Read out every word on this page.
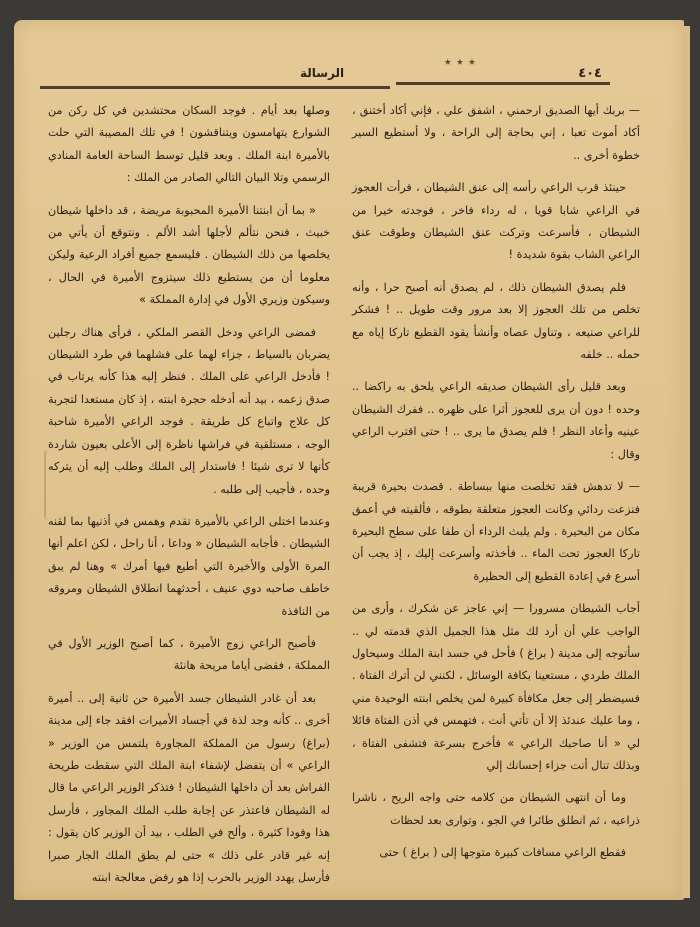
٭ ٭ ٭
٤٠٤
الرسالة

— بربك أيها الصديق ارحمني ، اشفق علي ، فإني أكاد أختنق ، أكاد أموت تعبا ، إني بحاجة إلى الراحة ، ولا أستطيع السير خطوة أخرى ..

حينئذ قرب الراعي رأسه إلى عنق الشيطان ، فرأت العجوز في الراعي شابا قويا ، له رداء فاخر ، فوجدته خيرا من الشيطان ، فأسرعت وتركت عنق الشيطان وطوقت عنق الراعي الشاب بقوة شديدة !

فلم يصدق الشيطان ذلك ، لم يصدق أنه أصبح حرا ، وأنه تخلص من تلك العجوز إلا بعد مرور وقت طويل .. ! فشكر للراعي صنيعه ، وتناول عصاه وأنشأ يقود القطيع تاركا إياه مع حمله .. خلفه

وبعد قليل رأى الشيطان صديقه الراعي يلحق به راكضا .. وحده ! دون أن يرى للعجوز أثرا على ظهره .. ففرك الشيطان عينيه وأعاد النظر ! فلم يصدق ما يرى .. ! حتى اقترب الراعي وقال :

— لا تدهش فقد تخلصت منها ببساطة . قصدت بحيرة قريبة فنزعت ردائي وكانت العجوز متعلقة بطوقه ، فألقيته في أعمق مكان من البحيرة . ولم يلبث الرداء أن طفا على سطح البحيرة تاركا العجوز تحت الماء .. فأخذته وأسرعت إليك ، إذ يجب أن أسرع في إعادة القطيع إلى الحظيرة

أجاب الشيطان مسرورا — إني عاجز عن شكرك ، وأرى من الواجب علي أن أرد لك مثل هذا الجميل الذي قدمته لي .. سأتوجه إلى مدينة ( براغ ) فأحل في جسد ابنة الملك وسيحاول الملك طردي ، مستعينا بكافة الوسائل ، لكنني لن أترك الفتاة . فسيضطر إلى جعل مكافأة كبيرة لمن يخلص ابنته الوحيدة مني ، وما عليك عندئذ إلا أن تأتي أنت ، فتهمس في أذن الفتاة قائلا لي « أنا صاحبك الراعي » فأخرج بسرعة فتشفى الفتاة ، وبذلك تنال أنت جزاء إحسانك إلي

وما أن انتهى الشيطان من كلامه حتى واجه الريح ، ناشرا ذراعيه ، ثم انطلق طائرا في الجو ، وتوارى بعد لحظات

فقطع الراعي مسافات كبيرة متوجها إلى ( براغ ) حتى

وصلها بعد أيام . فوجد السكان محتشدين في كل ركن من الشوارع يتهامسون ويتناقشون ! في تلك المصيبة التي حلت بالأميرة ابنة الملك . وبعد قليل توسط الساحة العامة المنادي الرسمي وتلا البيان التالي الصادر من الملك :

« بما أن ابنتنا الأميرة المحبوبة مريضة ، قد داخلها شيطان خبيث ، فنحن نتألم لأجلها أشد الألم . ونتوقع أن يأتي من يخلصها من ذلك الشيطان . فليسمع جميع أفراد الرعية وليكن معلوما أن من يستطيع ذلك سيتزوج الأميرة في الحال ، وسيكون وزيري الأول في إدارة المملكة »

فمضى الراعي ودخل القصر الملكي ، فرأى هناك رجلين يضربان بالسياط ، جزاء لهما على فشلهما في طرد الشيطان ! فأدخل الراعي على الملك . فنظر إليه هذا كأنه يرتاب في صدق زعمه ، بيد أنه أدخله حجرة ابنته ، إذ كان مستعدا لتجربة كل علاج واتباع كل طريقة . فوجد الراعي الأميرة شاحبة الوجه ، مستلقية في فراشها ناظرة إلى الأعلى بعيون شاردة كأنها لا ترى شيئا ! فاستدار إلى الملك وطلب إليه أن يتركه وحده ، فأجيب إلى طلبه .

وعندما اختلى الراعي بالأميرة تقدم وهمس في أذنيها بما لقنه الشيطان . فأجابه الشيطان « وداعا ، أنا راحل ، لكن اعلم أنها المرة الأولى والأخيرة التي أطيع فيها أمرك » وهنا لم يبق خاطف صاحبه دوي عنيف ، أحدثهما انطلاق الشيطان ومروقه من النافذة

فأصبح الراعي زوج الأميرة ، كما أصبح الوزير الأول في المملكة ، فقضى أياما مريحة هانئة

بعد أن غادر الشيطان جسد الأميرة حن ثانية إلى .. أميرة أخرى .. كأنه وجد لذة في أجساد الأميرات افقد جاء إلى مدينة (براغ) رسول من المملكة المجاورة يلتمس من الوزير « الراعي » أن يتفضل لإشفاء ابنة الملك التي سقطت طريحة الفراش بعد أن داخلها الشيطان ! فتذكر الوزير الراعي ما قال له الشيطان فاعتذر عن إجابة طلب الملك المجاور ، فأرسل هذا وفودا كثيرة ، وألح في الطلب ، بيد أن الوزير كان يقول : إنه غير قادر على ذلك » حتى لم يطق الملك الجار صبرا فأرسل يهدد الوزير بالحرب إذا هو رفض معالجة ابنته
